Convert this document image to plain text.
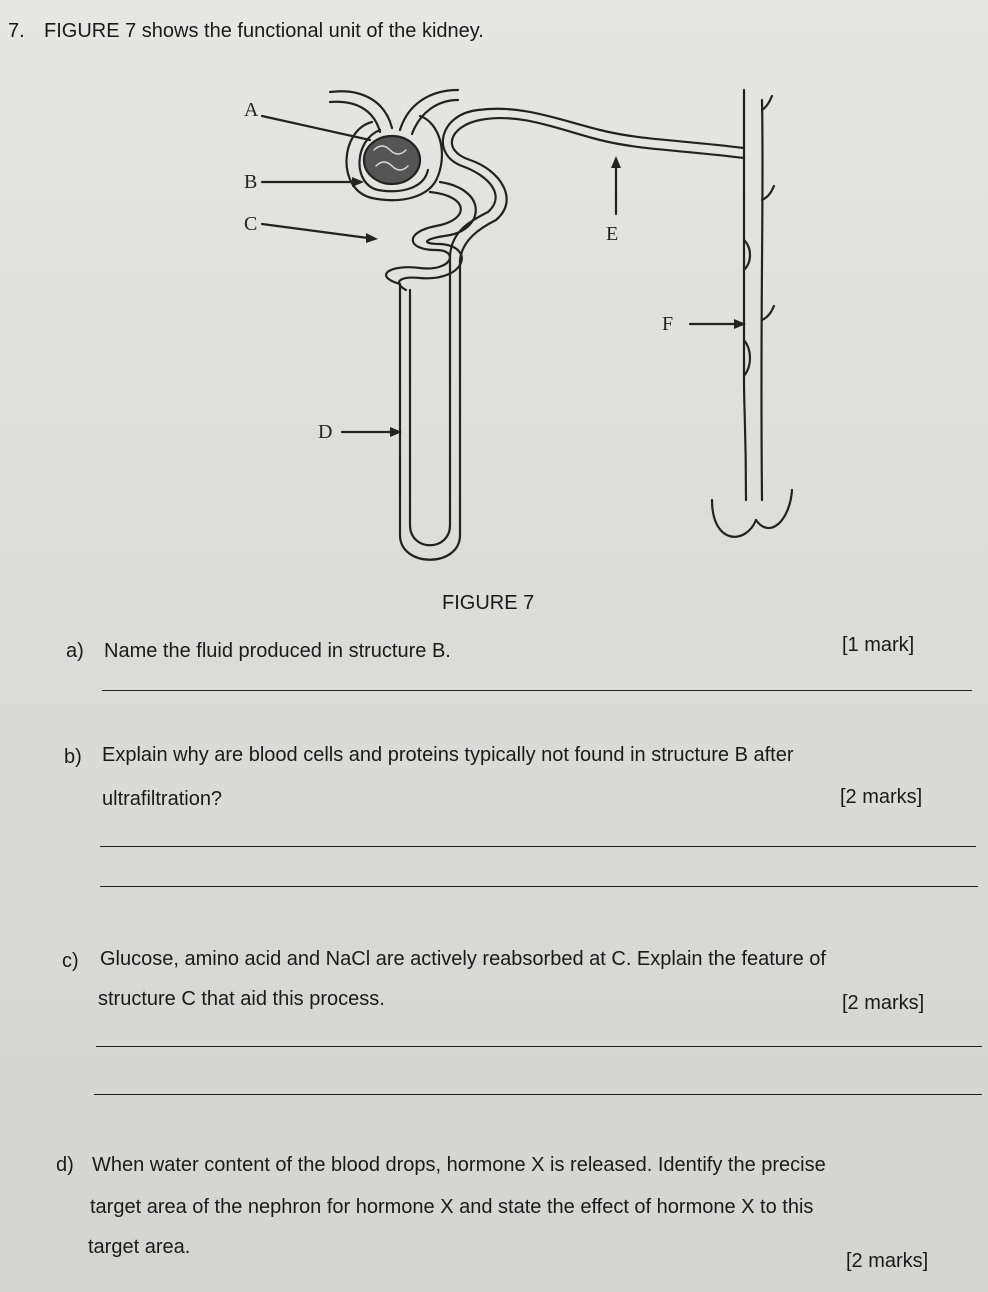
7. FIGURE 7 shows the functional unit of the kidney.
A
B
C
D
E
F
FIGURE 7
a) Name the fluid produced in structure B.	[1 mark]
b) Explain why are blood cells and proteins typically not found in structure B after
ultrafiltration?	[2 marks]
c) Glucose, amino acid and NaCl are actively reabsorbed at C. Explain the feature of
structure C that aid this process.	[2 marks]
d) When water content of the blood drops, hormone X is released. Identify the precise
target area of the nephron for hormone X and state the effect of hormone X to this
target area.
[2 marks]
